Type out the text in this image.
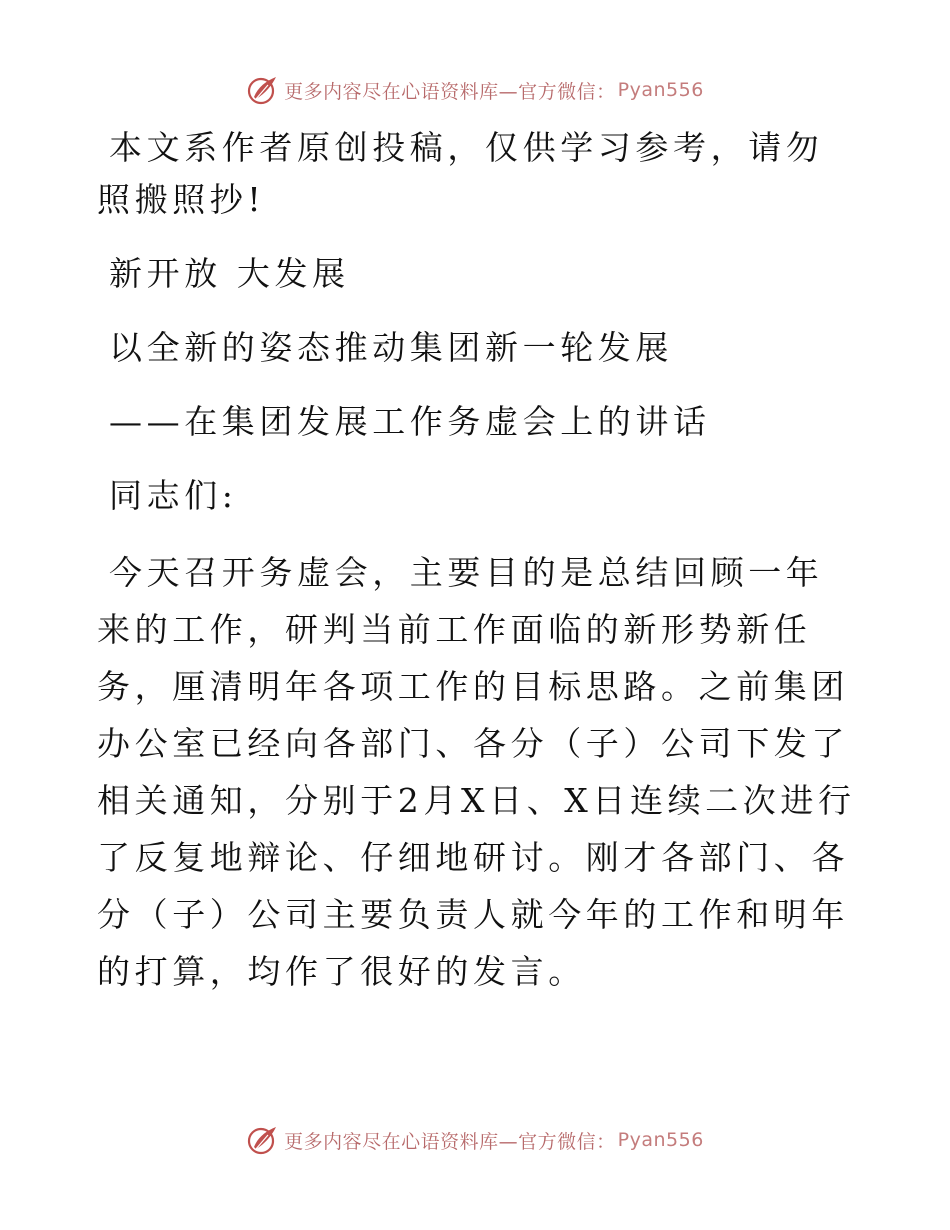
更多内容尽在心语资料库—官方微信： Pyan556

本文系作者原创投稿，仅供学习参考，请勿照搬照抄!

新开放 大发展

以全新的姿态推动集团新一轮发展

——在集团发展工作务虚会上的讲话

同志们:

今天召开务虚会，主要目的是总结回顾一年来的工作，研判当前工作面临的新形势新任务，厘清明年各项工作的目标思路。之前集团办公室已经向各部门、各分（子）公司下发了相关通知，分别于2月X日、X日连续二次进行了反复地辩论、仔细地研讨。刚才各部门、各分（子）公司主要负责人就今年的工作和明年的打算，均作了很好的发言。

更多内容尽在心语资料库—官方微信： Pyan556
